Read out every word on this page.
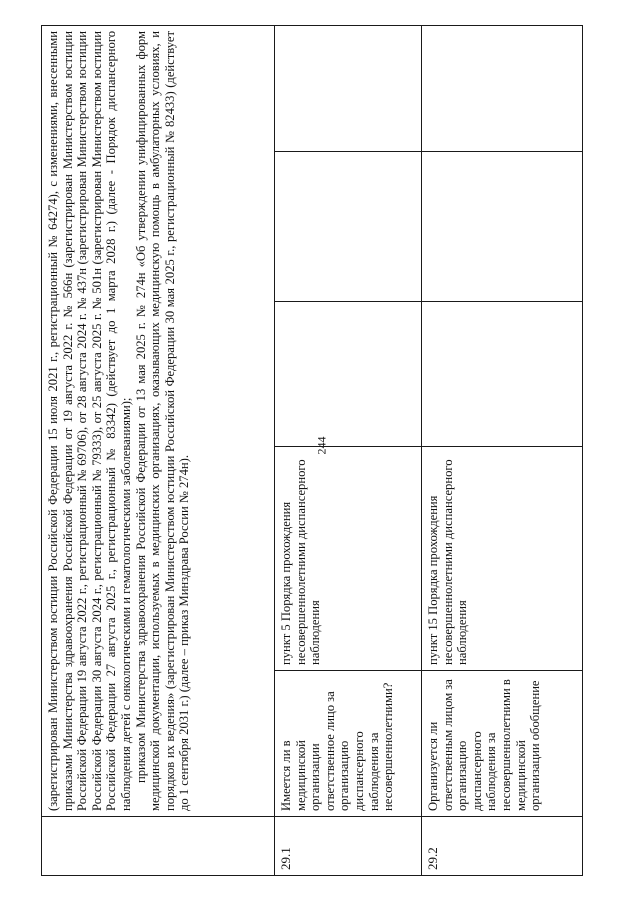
244

	(зарегистрирован Министерством юстиции Российской Федерации 15 июля 2021 г., регистрационный № 64274), с изменениями, внесенными приказами Министерства здравоохранения Российской Федерации от 19 августа 2022 г. № 566н (зарегистрирован Министерством юстиции Российской Федерации 19 августа 2022 г., регистрационный № 69706), от 28 августа 2024 г. № 437н (зарегистрирован Министерством юстиции Российской Федерации 30 августа 2024 г., регистрационный № 79333), от 25 августа 2025 г. № 501н (зарегистрирован Министерством юстиции Российской Федерации 27 августа 2025 г., регистрационный № 83342) (действует до 1 марта 2028 г.) (далее - Порядок диспансерного наблюдения детей с онкологическими и гематологическими заболеваниями); приказом Министерства здравоохранения Российской Федерации от 13 мая 2025 г. № 274н «Об утверждении унифицированных форм медицинской документации, используемых в медицинских организациях, оказывающих медицинскую помощь в амбулаторных условиях, и порядков их ведения» (зарегистрирован Министерством юстиции Российской Федерации 30 мая 2025 г., регистрационный № 82433) (действует до 1 сентября 2031 г.) (далее – приказ Минздрава России № 274н).				

29.1	Имеется ли в медицинской организации ответственное лицо за организацию диспансерного наблюдения за несовершеннолетними?	пункт 5 Порядка прохождения несовершеннолетними диспансерного наблюдения			
29.2	Организуется ли ответственным лицом за организацию диспансерного наблюдения за несовершеннолетними в медицинской организации обобщение	пункт 15 Порядка прохождения несовершеннолетними диспансерного наблюдения			
